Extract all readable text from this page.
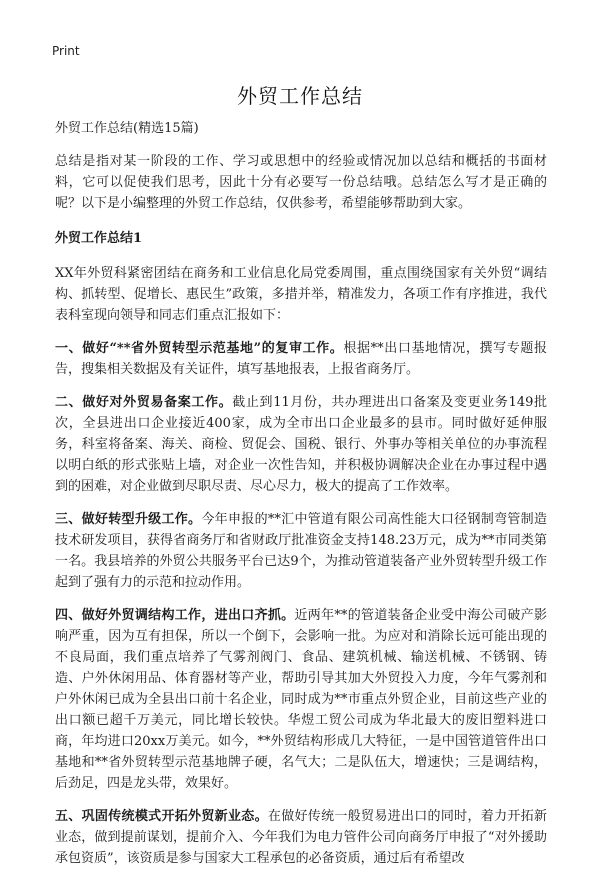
Print
外贸工作总结

外贸工作总结(精选15篇)

总结是指对某一阶段的工作、学习或思想中的经验或情况加以总结和概括的书面材料，它可以促使我们思考，因此十分有必要写一份总结哦。总结怎么写才是正确的呢？以下是小编整理的外贸工作总结，仅供参考，希望能够帮助到大家。

外贸工作总结1

XX年外贸科紧密团结在商务和工业信息化局党委周围，重点围绕国家有关外贸“调结构、抓转型、促增长、惠民生”政策，多措并举，精准发力，各项工作有序推进，我代表科室现向领导和同志们重点汇报如下：

一、做好“**省外贸转型示范基地”的复审工作。根据**出口基地情况，撰写专题报告，搜集相关数据及有关证件，填写基地报表，上报省商务厅。

二、做好对外贸易备案工作。截止到11月份，共办理进出口备案及变更业务149批次，全县进出口企业接近400家，成为全市出口企业最多的县市。同时做好延伸服务，科室将备案、海关、商检、贸促会、国税、银行、外事办等相关单位的办事流程以明白纸的形式张贴上墙，对企业一次性告知，并积极协调解决企业在办事过程中遇到的困难，对企业做到尽职尽责、尽心尽力，极大的提高了工作效率。

三、做好转型升级工作。今年申报的**汇中管道有限公司高性能大口径钢制弯管制造技术研发项目，获得省商务厅和省财政厅批准资金支持148.23万元，成为**市同类第一名。我县培养的外贸公共服务平台已达9个，为推动管道装备产业外贸转型升级工作起到了强有力的示范和拉动作用。

四、做好外贸调结构工作，进出口齐抓。近两年**的管道装备企业受中海公司破产影响严重，因为互有担保，所以一个倒下，会影响一批。为应对和消除长远可能出现的不良局面，我们重点培养了气雾剂阀门、食品、建筑机械、输送机械、不锈钢、铸造、户外休闲用品、体育器材等产业，帮助引导其加大外贸投入力度，今年气雾剂和户外休闲已成为全县出口前十名企业，同时成为**市重点外贸企业，目前这些产业的出口额已超千万美元，同比增长较快。华煜工贸公司成为华北最大的废旧塑料进口商，年均进口20xx万美元。如今，**外贸结构形成几大特征，一是中国管道管件出口基地和**省外贸转型示范基地牌子硬，名气大；二是队伍大，增速快；三是调结构，后劲足，四是龙头带，效果好。

五、巩固传统模式开拓外贸新业态。在做好传统一般贸易进出口的同时，着力开拓新业态，做到提前谋划，提前介入、今年我们为电力管件公司向商务厅申报了“对外援助承包资质”，该资质是参与国家大工程承包的必备资质，通过后有希望改
